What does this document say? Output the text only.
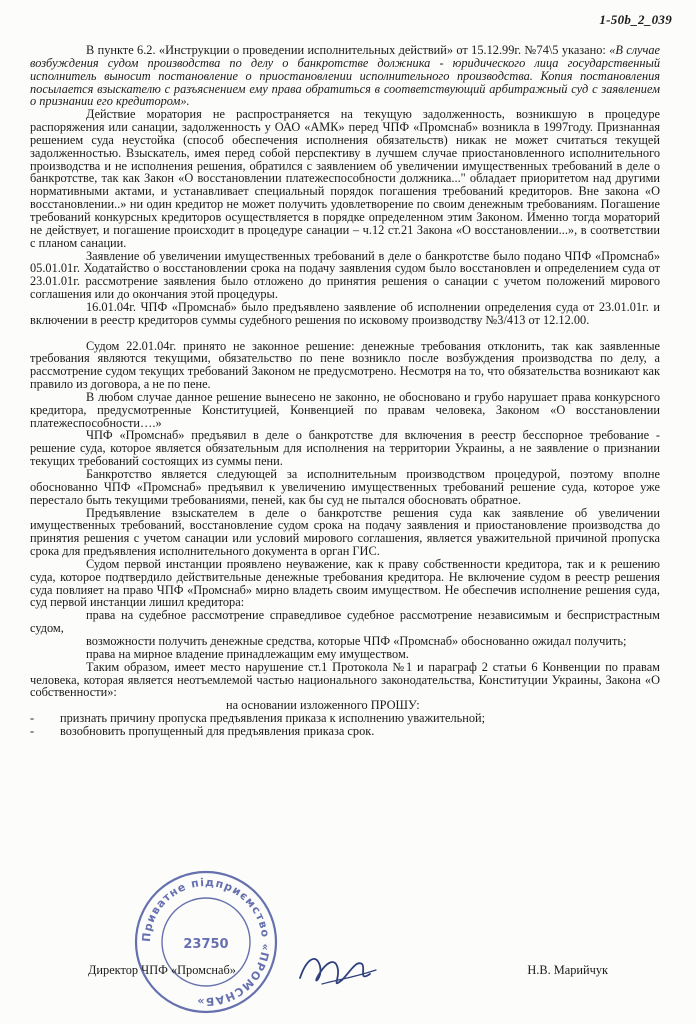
1-50b_2_039

В пункте 6.2. «Инструкции о проведении исполнительных действий» от 15.12.99г. №74\5 указано: «В случае возбуждения судом производства по делу о банкротстве должника - юридического лица государственный исполнитель выносит постановление о приостановлении исполнительного производства. Копия постановления посылается взыскателю с разъяснением ему права обратиться в соответствующий арбитражный суд с заявлением о признании его кредитором».

Действие моратория не распространяется на текущую задолженность, возникшую в процедуре распоряжения или санации, задолженность у ОАО «АМК» перед ЧПФ «Промснаб» возникла в 1997году. Признанная решением суда неустойка (способ обеспечения исполнения обязательств) никак не может считаться текущей задолженностью. Взыскатель, имея перед собой перспективу в лучшем случае приостановленного исполнительного производства и не исполнения решения, обратился с заявлением об увеличении имущественных требований в деле о банкротстве, так как Закон «О восстановлении платежеспособности должника..." обладает приоритетом над другими нормативными актами, и устанавливает специальный порядок погашения требований кредиторов. Вне закона «О восстановлении..» ни один кредитор не может получить удовлетворение по своим денежным требованиям. Погашение требований конкурсных кредиторов осуществляется в порядке определенном этим Законом. Именно тогда мораторий не действует, и погашение происходит в процедуре санации – ч.12 ст.21 Закона «О восстановлении...», в соответствии с планом санации.

Заявление об увеличении имущественных требований в деле о банкротстве было подано ЧПФ «Промснаб» 05.01.01г. Ходатайство о восстановлении срока на подачу заявления судом было восстановлен и определением суда от 23.01.01г. рассмотрение заявления было отложено до принятия решения о санации с учетом положений мирового соглашения или до окончания этой процедуры.

16.01.04г. ЧПФ «Промснаб» было предъявлено заявление об исполнении определения суда от 23.01.01г. и включении в реестр кредиторов суммы судебного решения по исковому производству №3/413 от 12.12.00.

Судом 22.01.04г. принято не законное решение: денежные требования отклонить, так как заявленные требования являются текущими, обязательство по пене возникло после возбуждения производства по делу, а рассмотрение судом текущих требований Законом не предусмотрено. Несмотря на то, что обязательства возникают как правило из договора, а не по пене.

В любом случае данное решение вынесено не законно, не обосновано и грубо нарушает права конкурсного кредитора, предусмотренные Конституцией, Конвенцией по правам человека, Законом «О восстановлении платежеспособности….»

ЧПФ «Промснаб» предъявил в деле о банкротстве для включения в реестр бесспорное требование - решение суда, которое является обязательным для исполнения на территории Украины, а не заявление о признании текущих требований состоящих из суммы пени.

Банкротство является следующей за исполнительным производством процедурой, поэтому вполне обоснованно ЧПФ «Промснаб» предъявил к увеличению имущественных требований решение суда, которое уже перестало быть текущими требованиями, пеней, как бы суд не пытался обосновать обратное.

Предъявление взыскателем в деле о банкротстве решения суда как заявление об увеличении имущественных требований, восстановление судом срока на подачу заявления и приостановление производства до принятия решения с учетом санации или условий мирового соглашения, является уважительной причиной пропуска срока для предъявления исполнительного документа в орган ГИС.

Судом первой инстанции проявлено неуважение, как к праву собственности кредитора, так и к решению суда, которое подтвердило действительные денежные требования кредитора. Не включение судом в реестр решения суда повлияет на право ЧПФ «Промснаб» мирно владеть своим имуществом. Не обеспечив исполнение решения суда, суд первой инстанции лишил кредитора:

права на судебное рассмотрение справедливое судебное рассмотрение независимым и беспристрастным судом,

возможности получить денежные средства, которые ЧПФ «Промснаб» обоснованно ожидал получить;

права на мирное владение принадлежащим ему имуществом.

Таким образом, имеет место нарушение ст.1 Протокола №1 и параграф 2 статьи 6 Конвенции по правам человека, которая является неотъемлемой частью национального законодательства, Конституции Украины, Закона «О собственности»:

на основании изложенного ПРОШУ:

- признать причину пропуска предъявления приказа к исполнению уважительной;

- возобновить пропущенный для предъявления приказа срок.

Приватне підприємство «ПРОМСНАБ»
23750
Директор ЧПФ «Промснаб»	Н.В. Марийчук
